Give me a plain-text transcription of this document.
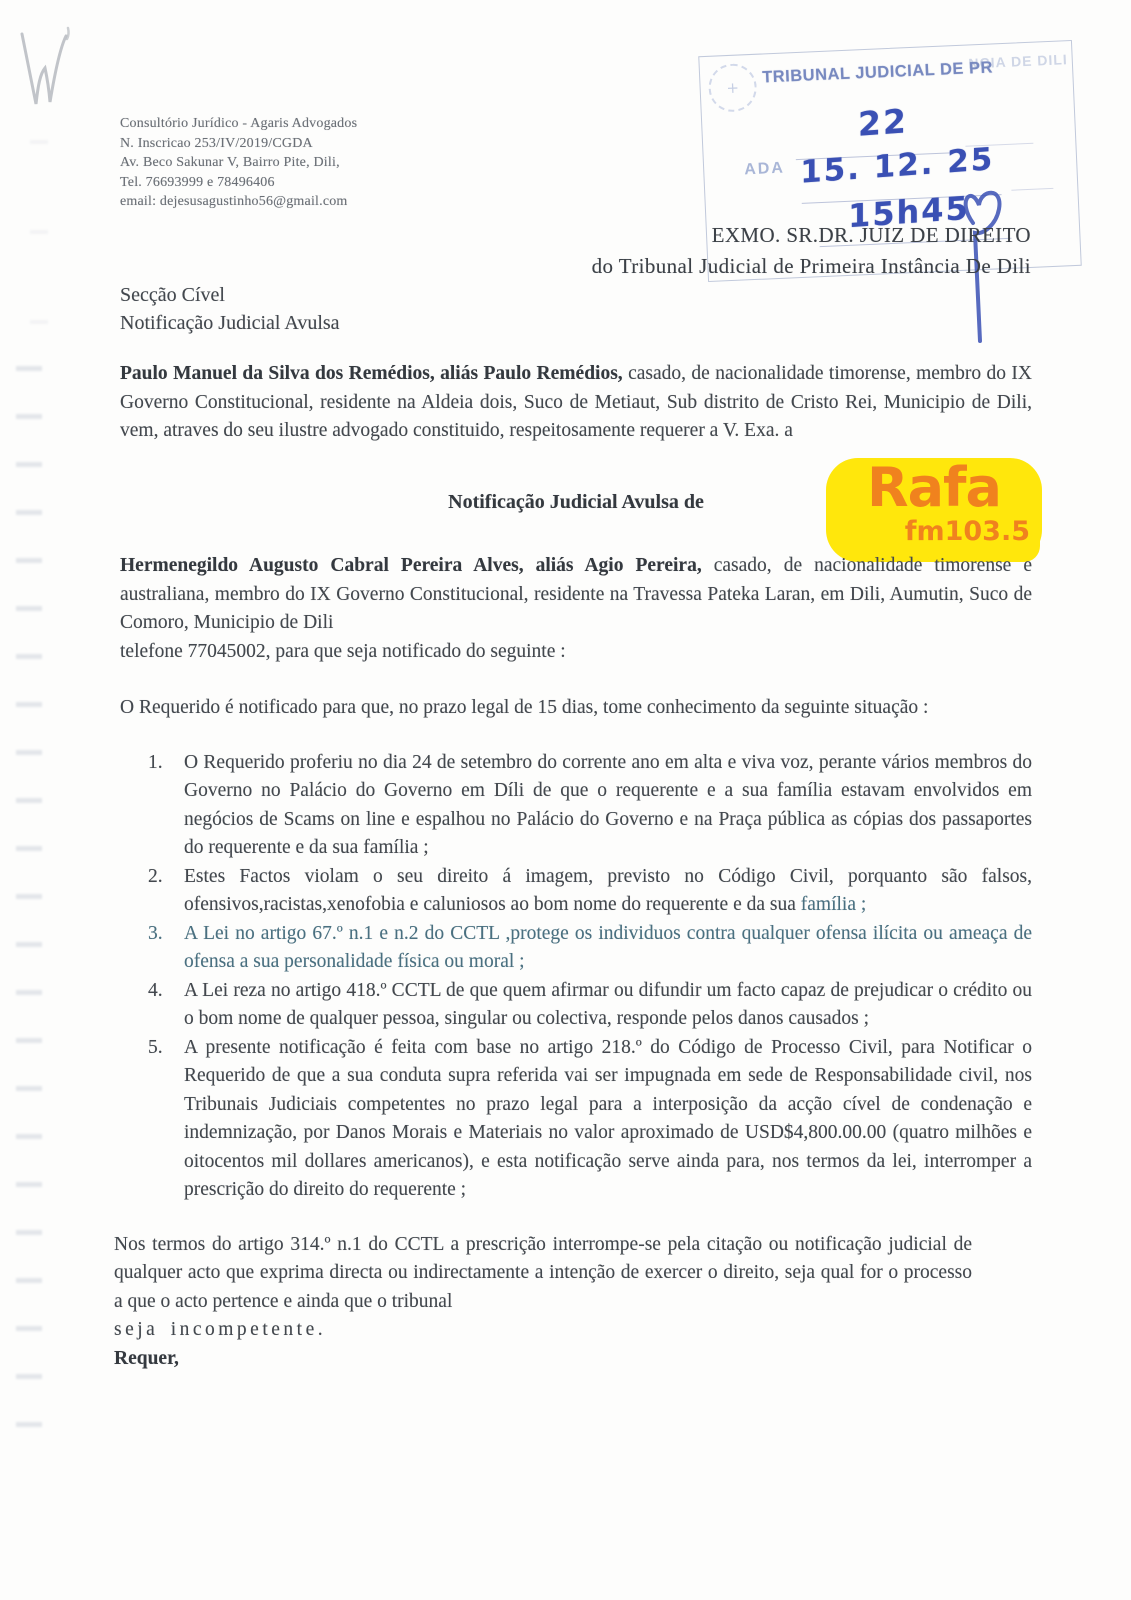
Consultório Jurídico - Agaris Advogados
N. Inscricao 253/IV/2019/CGDA
Av. Beco Sakunar V, Bairro Pite, Dili,
Tel. 76693999 e 78496406
email: dejesusagustinho56@gmail.com
+
TRIBUNAL JUDICIAL DE PR
NCIA DE DILI
ADA
22
15. 12. 25
15h45
EXMO. SR.DR. JUIZ DE DIREITO
do Tribunal Judicial de Primeira Instância De Dili
Secção Cível
Notificação Judicial Avulsa
Rafa
fm103.5

Paulo Manuel da Silva dos Remédios, aliás Paulo Remédios, casado, de nacionalidade timorense, membro do IX Governo Constitucional, residente na Aldeia dois, Suco de Metiaut, Sub distrito de Cristo Rei, Municipio de Dili, vem, atraves do seu ilustre advogado constituido, respeitosamente requerer a V. Exa. a

Notificação Judicial Avulsa de

Hermenegildo Augusto Cabral Pereira Alves, aliás Agio Pereira, casado, de nacionalidade timorense e australiana, membro do IX Governo Constitucional, residente na Travessa Pateka Laran, em Dili, Aumutin, Suco de Comoro, Municipio de Dili
telefone 77045002, para que seja notificado do seguinte :

O Requerido é notificado para que, no prazo legal de 15 dias, tome conhecimento da seguinte situação :

1.	O Requerido proferiu no dia 24 de setembro do corrente ano em alta e viva voz, perante vários membros do Governo no Palácio do Governo em Díli de que o requerente e a sua família estavam envolvidos em negócios de Scams on line e espalhou no Palácio do Governo e na Praça pública as cópias dos passaportes do requerente e da sua família ;
2.	Estes Factos violam o seu direito á imagem, previsto no Código Civil, porquanto são falsos, ofensivos,racistas,xenofobia e caluniosos ao bom nome do requerente e da sua família ;
3.	A Lei no artigo 67.º n.1 e n.2 do CCTL ,protege os individuos contra qualquer ofensa ilícita ou ameaça de ofensa a sua personalidade física ou moral ;
4.	A Lei reza no artigo 418.º CCTL de que quem afirmar ou difundir um facto capaz de prejudicar o crédito ou o bom nome de qualquer pessoa, singular ou colectiva, responde pelos danos causados ;
5.	A presente notificação é feita com base no artigo 218.º do Código de Processo Civil, para Notificar o Requerido de que a sua conduta supra referida vai ser impugnada em sede de Responsabilidade civil, nos Tribunais Judiciais competentes no prazo legal para a interposição da acção cível de condenação e indemnização, por Danos Morais e Materiais no valor aproximado de USD$4,800.00.00 (quatro milhões e oitocentos mil dollares americanos), e esta notificação serve ainda para, nos termos da lei, interromper a prescrição do direito do requerente ;

Nos termos do artigo 314.º n.1 do CCTL a prescrição interrompe-se pela citação ou notificação judicial de qualquer acto que exprima directa ou indirectamente a intenção de exercer o direito, seja qual for o processo a que o acto pertence e ainda que o tribunal
seja incompetente.
Requer,
